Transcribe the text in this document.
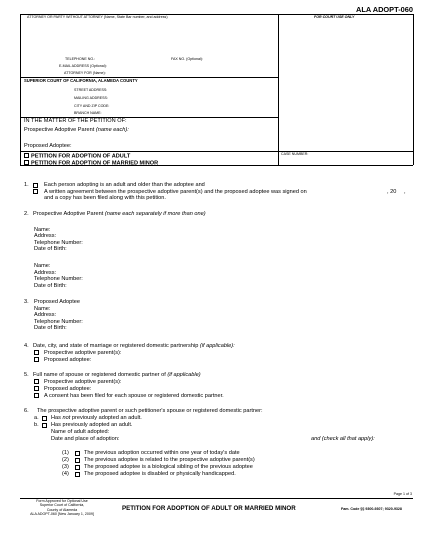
ALA ADOPT-060
ATTORNEY OR PARTY WITHOUT ATTORNEY (Name, State Bar number, and address)	FOR COURT USE ONLY
TELEPHONE NO.:	FAX NO. (Optional):
E-MAIL ADDRESS (Optional):
ATTORNEY FOR (Name):
SUPERIOR COURT OF CALIFORNIA, ALAMEDA COUNTY
STREET ADDRESS:
MAILING ADDRESS:
CITY AND ZIP CODE:
BRANCH NAME:
IN THE MATTER OF THE PETITION OF:
Prospective Adoptive Parent (name each):
Proposed Adoptee:
PETITION FOR ADOPTION OF ADULT
PETITION FOR ADOPTION OF MARRIED MINOR
CASE NUMBER:
1.	Each person adopting is an adult and older than the adoptee and
A written agreement between the prospective adoptive parent(s) and the proposed adoptee was signed on	, 20 ,
and a copy has been filed along with this petition.
2. Prospective Adoptive Parent (name each separately if more than one)
Name:
Address:
Telephone Number:
Date of Birth:
Name:
Address:
Telephone Number:
Date of Birth:
3. Proposed Adoptee
Name:
Address:
Telephone Number:
Date of Birth:
4. Date, city, and state of marriage or registered domestic partnership (if applicable):
Prospective adoptive parent(s):
Proposed adoptee:
5. Full name of spouse or registered domestic partner of (if applicable)
Prospective adoptive parent(s):
Proposed adoptee:
A consent has been filed for each spouse or registered domestic partner.
6. The prospective adoptive parent or such petitioner's spouse or registered domestic partner:
a. Has not previously adopted an adult.
b. Has previously adopted an adult.
Name of adult adopted:
Date and place of adoption:	and (check all that apply):
(1)	The previous adoption occurred within one year of today's date
(2)	The previous adoptee is related to the prospective adoptive parent(s)
(3)	The proposed adoptee is a biological sibling of the previous adoptee
(4)	The proposed adoptee is disabled or physically handicapped.
Page 1 of 3
Form Approved for Optional Use
Superior Court of California,
County of Alameda
ALA ADOPT-060 [New January 1, 2009]
PETITION FOR ADOPTION OF ADULT OR MARRIED MINOR	Fam. Code §§ 9300-9307; 9320-9328
